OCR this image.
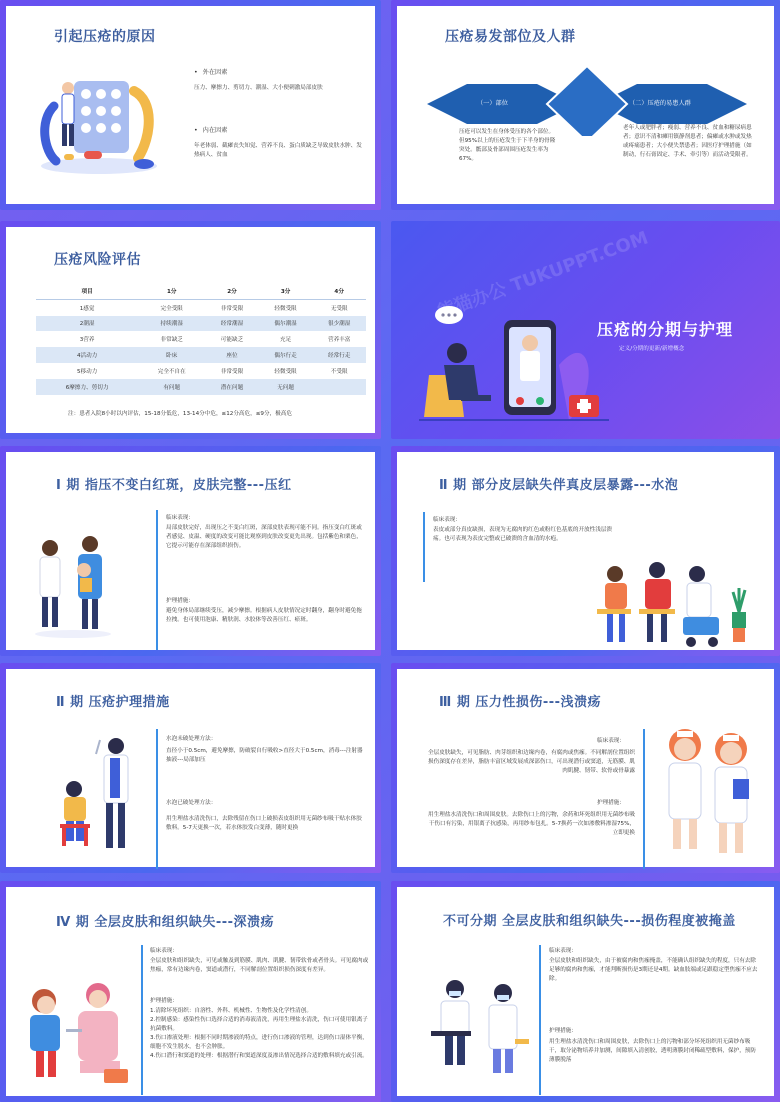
引起压疮的原因
• 外在因素
压力、摩擦力、剪切力、潮湿、大小便刺激局部皮肤
• 内在因素
年老体弱、截瘫丧失知觉、营养不良、蛋白质缺乏导致皮肤水肿、发热病人、贫血
压疮易发部位及人群
（一）部位	（二）压疮的易患人群
压疮可以发生在身体受压的各个部位。但95%以上的压疮发生于下半身的骨隆突处。骶部及骨部周围压疮发生率为67%。
老年人或肥胖者；瘦弱、营养不良、贫血和糖尿病患者；意识不清和瘫用镇静剂患者；偏瘫或水肿或发热或疼痛患者；大小便失禁患者；因医疗护理措施（如制动，行石膏固定、手术、牵引等）而活动受限者。
压疮风险评估
项目	1分	2分	3分	4分
1感觉	完全受限	非常受限	轻微受限	无受限
2潮湿	持续潮湿	经常潮湿	偶尔潮湿	很少潮湿
3营养	非常缺乏	可能缺乏	充足	营养丰富
4活动力	卧床	座位	偶尔行走	经常行走
5移动力	完全不自在	非常受限	轻微受限	不受限
6摩擦力、剪切力	有问题	潜在问题	无问题	
注：患者入院8小时以内评估，15-18分低危，13-14分中危，≤12分高危，≤9分，极高危
压疮的分期与护理
定义/分期的更新/新增概念
熊猫办公 TUKUPPT.COM
Ⅰ 期 指压不变白红斑，皮肤完整---压红
临床表现：
局部皮肤完好，出现压之不变白红斑，深部皮肤表现可能不同。指压变白红斑或者感觉、皮温、硬度的改变可能比观察到皮肤改变更先出现。包括紫色和栗色，它提示可能存在深部组织损伤。
护理措施：
避免身体局部继续受压，减少摩擦。根据病人皮肤情况定时翻身，翻身时避免拖拉拽。也可使用泡康、精肤润、水胶体等改善压红、瘀斑。
Ⅱ 期 部分皮层缺失伴真皮层暴露---水泡
临床表现：
表皮或部分真皮缺损，表现为无腐肉的红色或粉红色基底的开放性浅层溃疡。也可表现为表皮完整或已破溃的含血清的水疱。
Ⅱ 期 压疮护理措施
水泡未破处理方法：
直径小于0.5cm，避免摩擦，防破裂自行吸收>直径大于0.5cm，消毒---注射器抽液---局部加压
水泡已破处理方法：
用生理盐水清洗伤口，去除残留在伤口上破损表皮组织用无菌纱布吸干贴水体胶敷料。5-7天更换一次，若水体胶发白变薄，随时更换
Ⅲ 期 压力性损伤---浅溃疡
临床表现：
全层皮肤缺失，可见脂肪、肉芽组织和边缘内卷，有腐肉或焦痂。不同解剖位置组织损伤深度存在差异，脂肪丰富区域发展成深部伤口，可出现潜行或窦道，无筋膜、肌肉肌腱、韧带、软骨或骨暴露
护理措施：
用生理盐水清洗伤口和周围皮肤。去除伤口上的污物，余药和坏死组织用无菌纱布吸干伤口有污染，用银离子抗感染，再用纱布包扎。5-7换药一次如渗敷料渗湿75%，立即更换
Ⅳ 期 全层皮肤和组织缺失---深溃疡
临床表现：
全层皮肤和组织缺失，可见或触及到筋膜、肌肉、肌腱、韧带软骨或者骨头。可见腐肉或焦痂，常有边缘内卷，窦道或潜行，不同解剖位置组织损伤深度有差异。
护理措施：
1.清除坏死组织：自溶性、外科、机械性、生物性及化学性清创。
2.控制感染：感染性伤口选择合适的消毒液清洗，再用生理盐水清洗，伤口可使用银离子抗菌敷料。
3.伤口渗液处理：根据不同时期渗液的特点，进行伤口渗液的管理，达到伤口湿体平衡，细胞不发生脱水，也不会肿胀。
4.伤口潜行和窦道的处理：根据潜行和窦道深度及渗出情况选择合适的敷料填充或引流。
不可分期 全层皮肤和组织缺失---损伤程度被掩盖
临床表现：
全层皮肤和组织缺失，由于被腐肉和焦痂掩盖，不能确认组织缺失的程度，只有去除足够的腐肉和焦痂，才能判断损伤是3期还是4期。缺血肢端或足跟稳定型焦痂不应去除。
护理措施：
用生理盐水清洗伤口和周围皮肤，去除伤口上的污物和部分坏死组织用无菌纱布吸干，取分泌物培养并加测，间隙填入清创胶，透明薄膜封闭稀疏型敷料，保护，预防薄膜脱落
